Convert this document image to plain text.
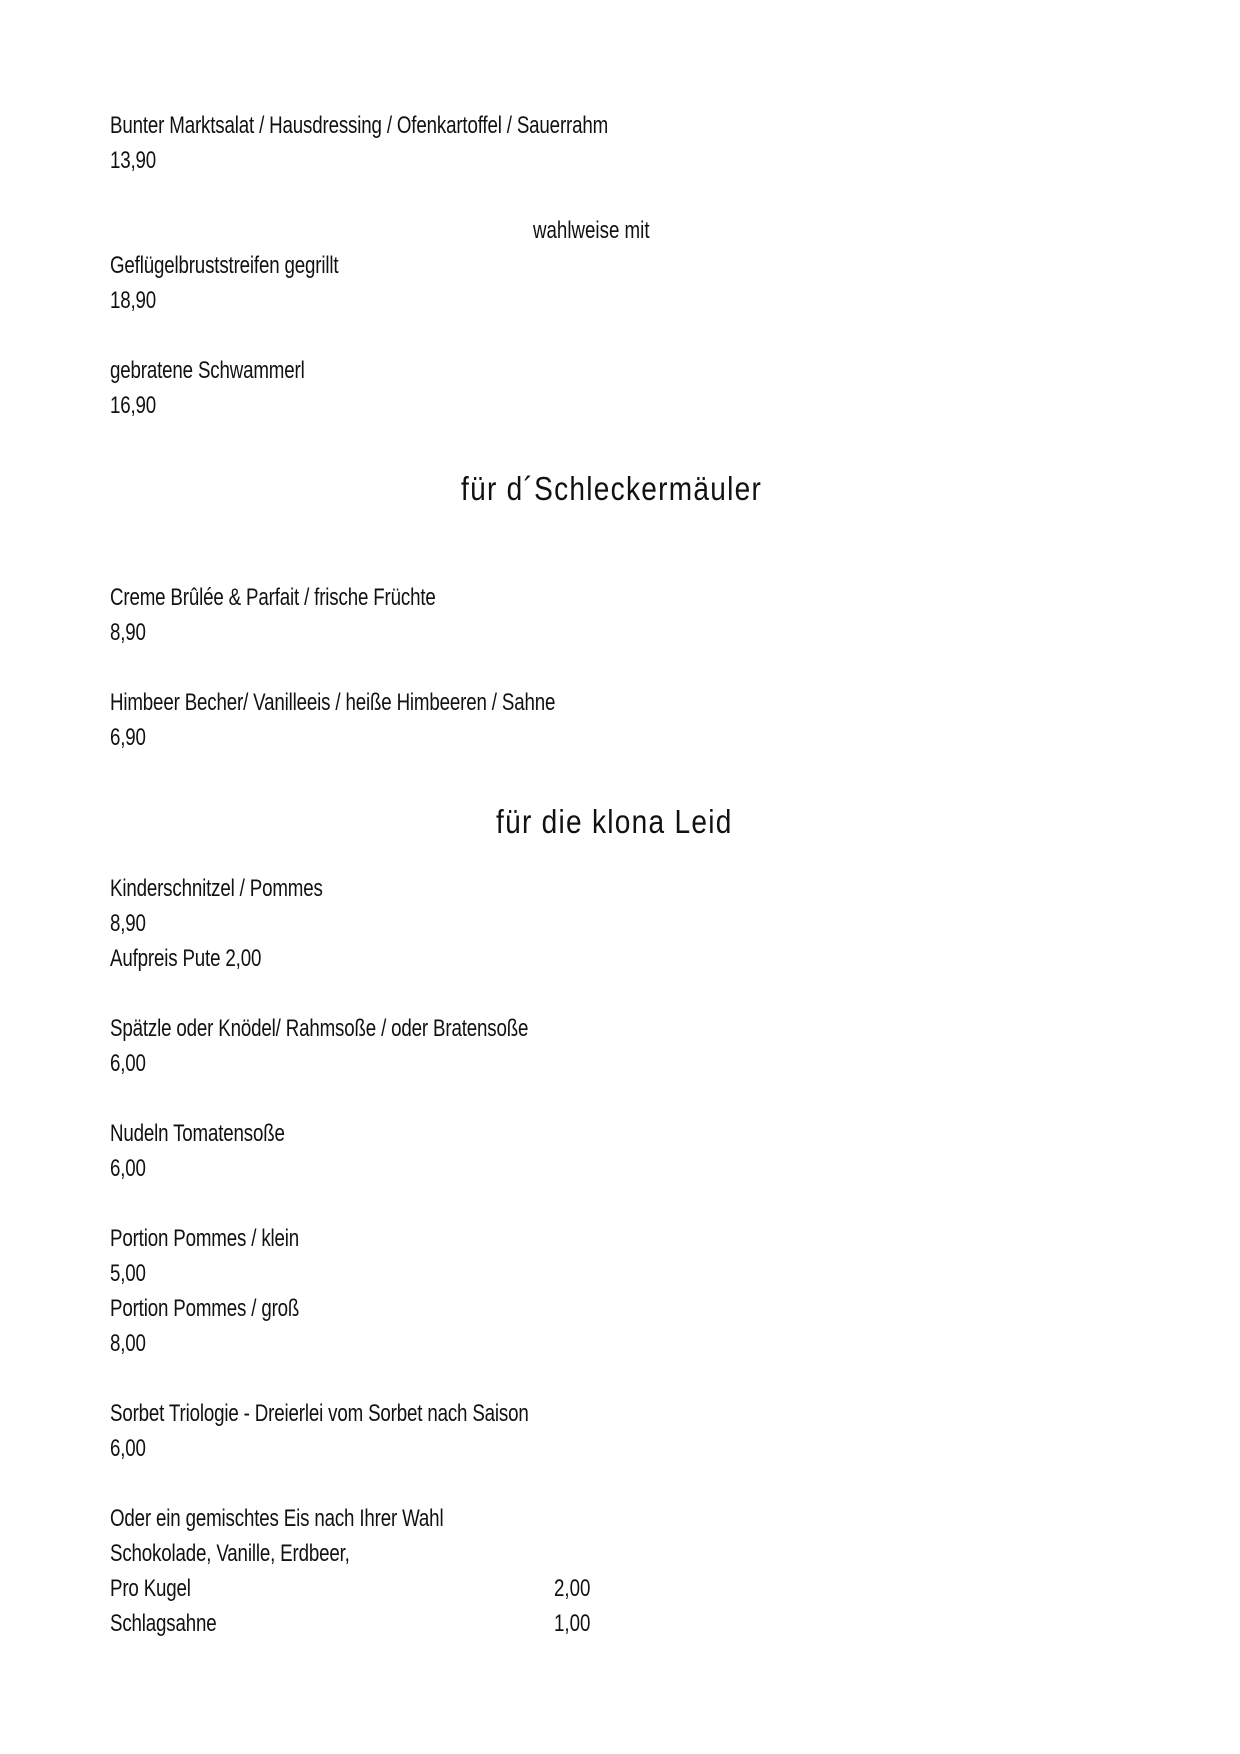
Bunter Marktsalat / Hausdressing / Ofenkartoffel / Sauerrahm
13,90
wahlweise mit
Geflügelbruststreifen gegrillt
18,90
gebratene Schwammerl
16,90
für d´Schleckermäuler
Creme Brûlée & Parfait / frische Früchte
8,90
Himbeer Becher/ Vanilleeis / heiße Himbeeren / Sahne
6,90
für die klona Leid
Kinderschnitzel / Pommes
8,90
Aufpreis Pute 2,00
Spätzle oder Knödel/ Rahmsoße / oder Bratensoße
6,00
Nudeln Tomatensoße
6,00
Portion Pommes / klein
5,00
Portion Pommes / groß
8,00
Sorbet Triologie - Dreierlei vom Sorbet nach Saison
6,00
Oder ein gemischtes Eis nach Ihrer Wahl
Schokolade, Vanille, Erdbeer,
Pro Kugel	2,00
Schlagsahne	1,00
